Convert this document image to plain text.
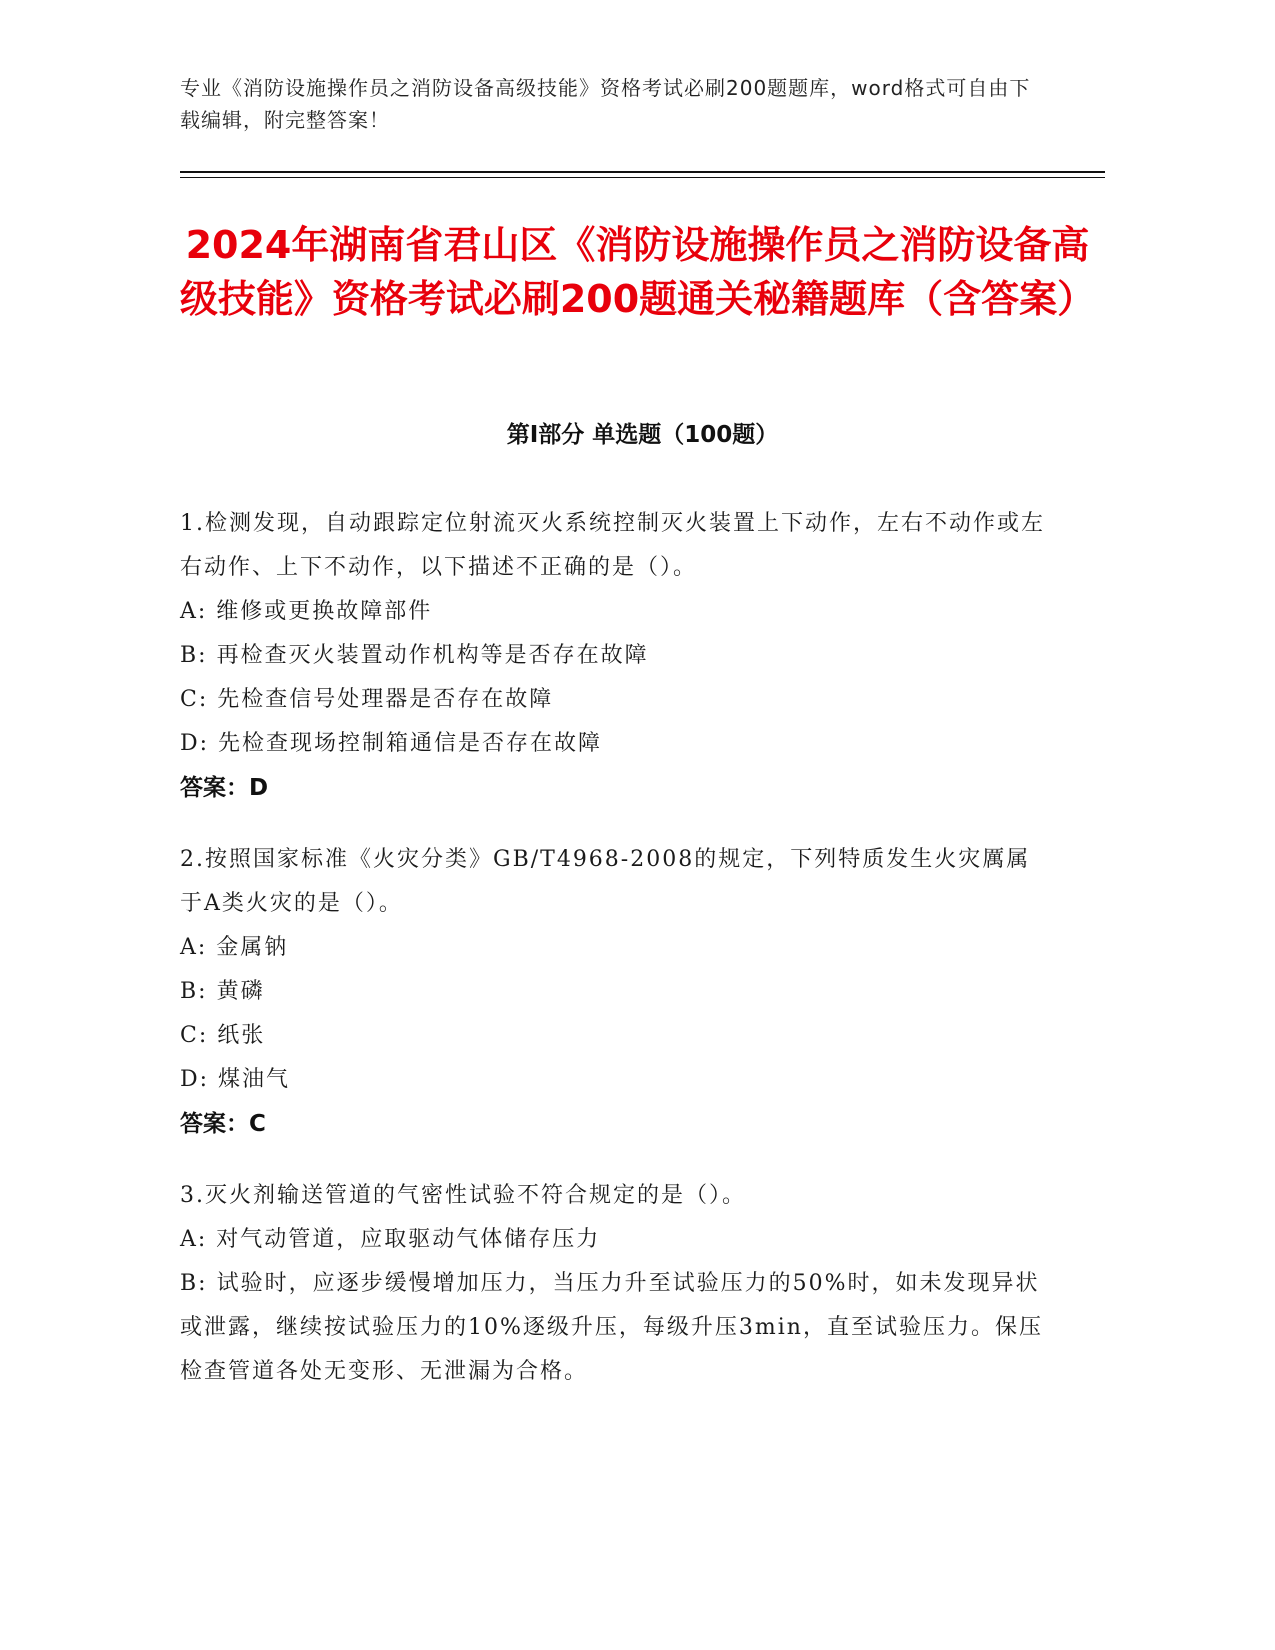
专业《消防设施操作员之消防设备高级技能》资格考试必刷200题题库，word格式可自由下载编辑，附完整答案！
2024年湖南省君山区《消防设施操作员之消防设备高级技能》资格考试必刷200题通关秘籍题库（含答案）
第I部分 单选题（100题）
1.检测发现，自动跟踪定位射流灭火系统控制灭火装置上下动作，左右不动作或左右动作、上下不动作，以下描述不正确的是（）。
A: 维修或更换故障部件
B: 再检查灭火装置动作机构等是否存在故障
C: 先检查信号处理器是否存在故障
D: 先检查现场控制箱通信是否存在故障
答案：D
2.按照国家标准《火灾分类》GB/T4968-2008的规定，下列特质发生火灾厲属于A类火灾的是（）。
A: 金属钠
B: 黄磷
C: 纸张
D: 煤油气
答案：C
3.灭火剂输送管道的气密性试验不符合规定的是（）。
A: 对气动管道，应取驱动气体储存压力
B: 试验时，应逐步缓慢增加压力，当压力升至试验压力的50%时，如未发现异状或泄露，继续按试验压力的10%逐级升压，每级升压3min，直至试验压力。保压检查管道各处无变形、无泄漏为合格。
